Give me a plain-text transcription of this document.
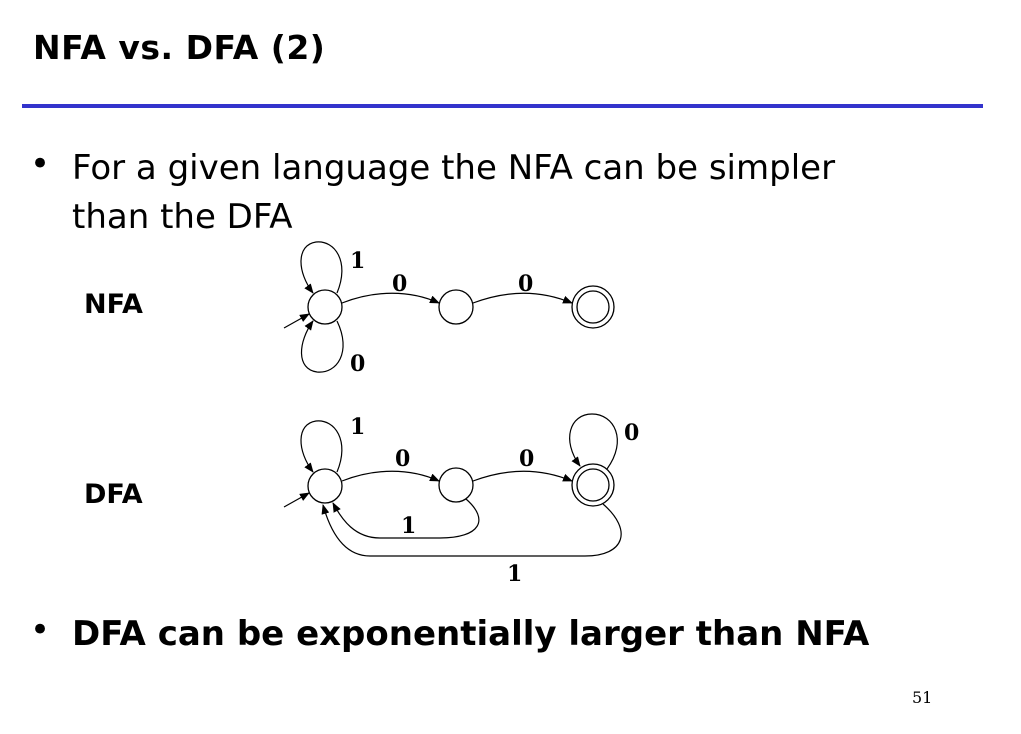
NFA vs. DFA (2)
• For a given language the NFA can be simpler
than the DFA
NFA
DFA
1
0
0	0
1
0	0
0
1
1
• DFA can be exponentially larger than NFA
51
